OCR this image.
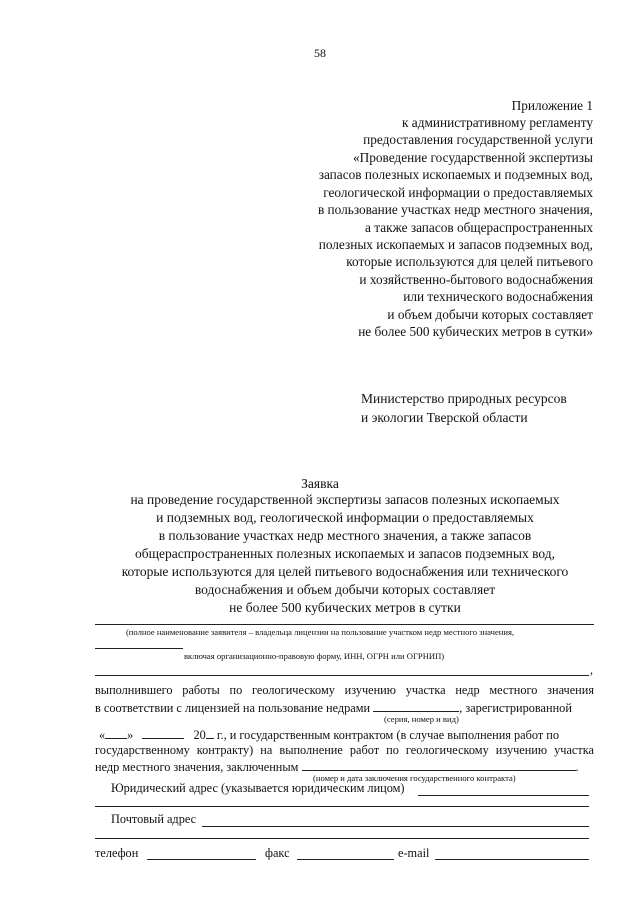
58
Приложение 1
к административному регламенту
предоставления государственной услуги
«Проведение государственной экспертизы
запасов полезных ископаемых и подземных вод,
геологической информации о предоставляемых
в пользование участках недр местного значения,
а также запасов общераспространенных
полезных ископаемых и запасов подземных вод,
которые используются для целей питьевого
и хозяйственно-бытового водоснабжения
или технического водоснабжения
и объем добычи которых составляет
не более 500 кубических метров в сутки»
Министерство природных ресурсов
и экологии Тверской области
Заявка
на проведение государственной экспертизы запасов полезных ископаемых
и подземных вод, геологической информации о предоставляемых
в пользование участках недр местного значения, а также запасов
общераспространенных полезных ископаемых и запасов подземных вод,
которые используются для целей питьевого водоснабжения или технического
водоснабжения и объем добычи которых составляет
не более 500 кубических метров в сутки
(полное наименование заявителя – владельца лицензии на пользование участком недр местного значения,
включая организационно-правовую форму, ИНН, ОГРН или ОГРНИП)
,
выполнившего работы по геологическому изучению участка недр местного значения
в соответствии с лицензией на пользование недрами	, зарегистрированной
(серия, номер и вид)
« »	20 г., и государственным контрактом (в случае выполнения работ по
государственному контракту) на выполнение работ по геологическому изучению участка
недр местного значения, заключенным	.
(номер и дата заключения государственного контракта)
Юридический адрес (указывается юридическим лицом)
Почтовый адрес
телефон	факс	e-mail
